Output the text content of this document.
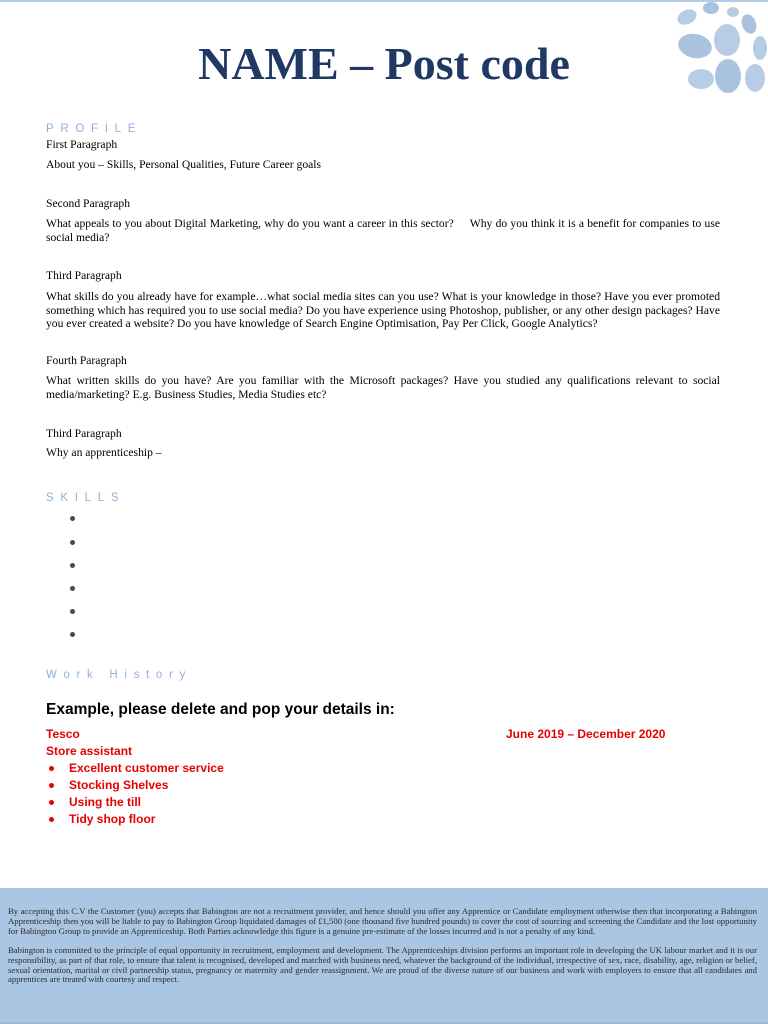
NAME – Post code
PROFILE
First Paragraph
About you – Skills, Personal Qualities, Future Career goals
Second Paragraph
What appeals to you about Digital Marketing, why do you want a career in this sector?     Why do you think it is a benefit for companies to use social media?
Third Paragraph
What skills do you already have for example…what social media sites can you use? What is your knowledge in those? Have you ever promoted something which has required you to use social media? Do you have experience using Photoshop, publisher, or any other design packages? Have you ever created a website? Do you have knowledge of Search Engine Optimisation, Pay Per Click, Google Analytics?
Fourth Paragraph
What written skills do you have? Are you familiar with the Microsoft packages? Have you studied any qualifications relevant to social media/marketing? E.g. Business Studies, Media Studies etc?
Third Paragraph
Why an apprenticeship –
SKILLS
Work History
Example, please delete and pop your details in:
Tesco	June 2019 – December 2020
Store assistant
Excellent customer service
Stocking Shelves
Using the till
Tidy shop floor

By accepting this C.V the Customer (you) accepts that Babington are not a recruitment provider, and hence should you offer any Apprentice or Candidate employment otherwise then that incorporating a Babington Apprenticeship then you will be liable to pay to Babington Group liquidated damages of £1,500 (one thousand five hundred pounds) to cover the cost of sourcing and screening the Candidate and the lost opportunity for Babington Group to provide an Apprenticeship. Both Parties acknowledge this figure is a genuine pre-estimate of the losses incurred and is not a penalty of any kind.

Babington is committed to the principle of equal opportunity in recruitment, employment and development. The Apprenticeships division performs an important role in developing the UK labour market and it is our responsibility, as part of that role, to ensure that talent is recognised, developed and matched with business need, whatever the background of the individual, irrespective of sex, race, disability, age, religion or belief, sexual orientation, marital or civil partnership status, pregnancy or maternity and gender reassignment. We are proud of the diverse nature of our business and work with employers to ensure that all candidates and apprentices are treated with courtesy and respect.
